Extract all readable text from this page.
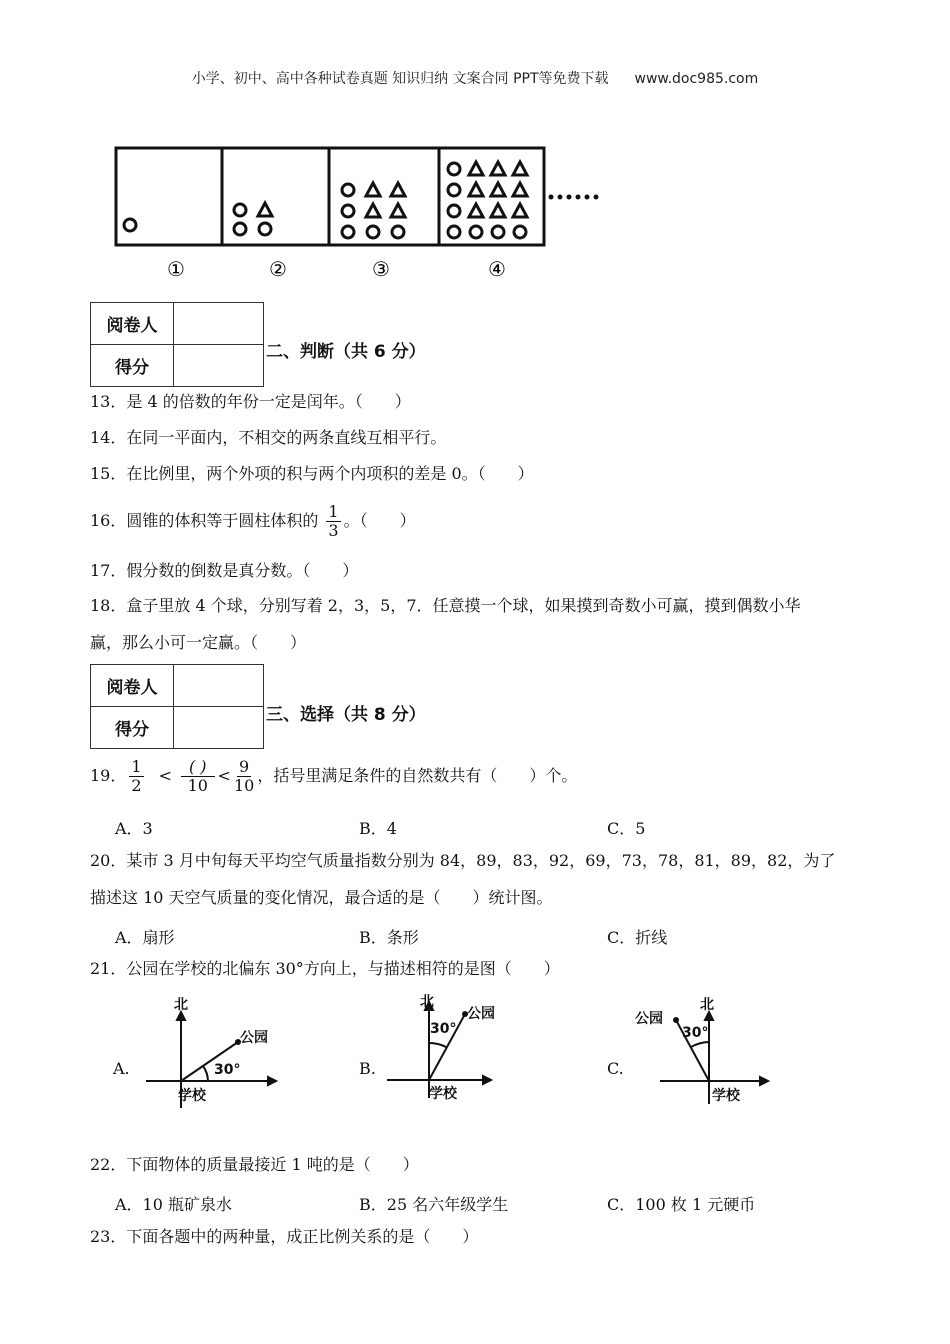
小学、初中、高中各种试卷真题 知识归纳 文案合同 PPT等免费下载 www.doc985.com
①	②	③	④
阅卷人	
得分	
二、判断（共 6 分）
13．是 4 的倍数的年份一定是闰年。（　　）
14．在同一平面内，不相交的两条直线互相平行。
15．在比例里，两个外项的积与两个内项积的差是 0。（　　）
16．圆锥的体积等于圆柱体积的 $\frac{1}{3}$ 。（　　）
17．假分数的倒数是真分数。（　　）
18．盒子里放 4 个球，分别写着 2，3，5，7．任意摸一个球，如果摸到奇数小可赢，摸到偶数小华
赢，那么小可一定赢。（　　）
阅卷人	
得分	
三、选择（共 8 分）
19． $\frac{1}{2} < \frac{( )}{10} < \frac{9}{10}$ ，括号里满足条件的自然数共有（　　）个。
A．3	B．4	C．5
20．某市 3 月中旬每天平均空气质量指数分别为 84，89，83，92，69，73，78，81，89，82，为了
描述这 10 天空气质量的变化情况，最合适的是（　　）统计图。
A．扇形	B．条形	C．折线
21．公园在学校的北偏东 30°方向上，与描述相符的是图（　　）
A.	B.	C.
北
公园
30°
学校
北
公园
30°
学校
北
公园
30°
学校
22．下面物体的质量最接近 1 吨的是（　　）
A．10 瓶矿泉水	B．25 名六年级学生	C．100 枚 1 元硬币
23．下面各题中的两种量，成正比例关系的是（　　）
